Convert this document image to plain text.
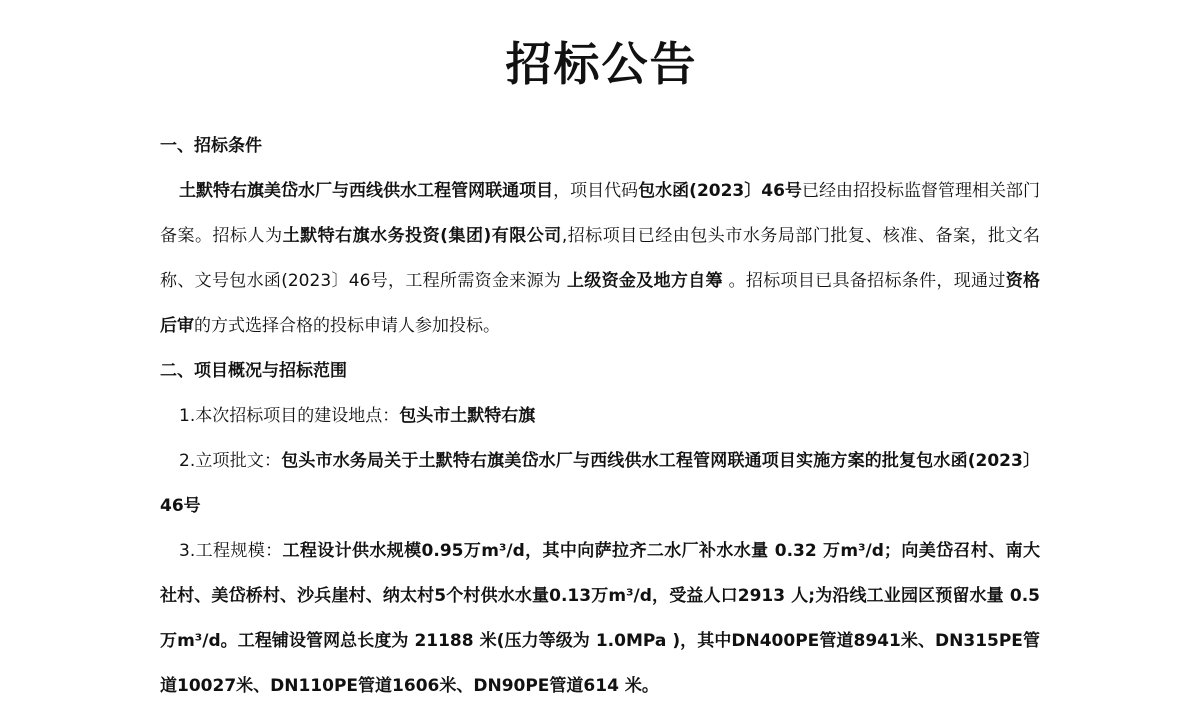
招标公告

一、招标条件

土默特右旗美岱水厂与西线供水工程管网联通项目，项目代码包水函(2023〕46号已经由招投标监督管理相关部门备案。招标人为土默特右旗水务投资(集团)有限公司,招标项目已经由包头市水务局部门批复、核准、备案，批文名称、文号包水函(2023〕46号，工程所需资金来源为 上级资金及地方自筹 。招标项目已具备招标条件，现通过资格后审的方式选择合格的投标申请人参加投标。

二、项目概况与招标范围

1.本次招标项目的建设地点：包头市土默特右旗

2.立项批文：包头市水务局关于土默特右旗美岱水厂与西线供水工程管网联通项目实施方案的批复包水函(2023〕46号

3.工程规模：工程设计供水规模0.95万m³/d，其中向萨拉齐二水厂补水水量 0.32 万m³/d；向美岱召村、南大社村、美岱桥村、沙兵崖村、纳太村5个村供水水量0.13万m³/d，受益人口2913 人;为沿线工业园区预留水量 0.5 万m³/d。工程铺设管网总长度为 21188 米(压力等级为 1.0MPa )，其中DN400PE管道8941米、DN315PE管道10027米、DN110PE管道1606米、DN90PE管道614 米。
